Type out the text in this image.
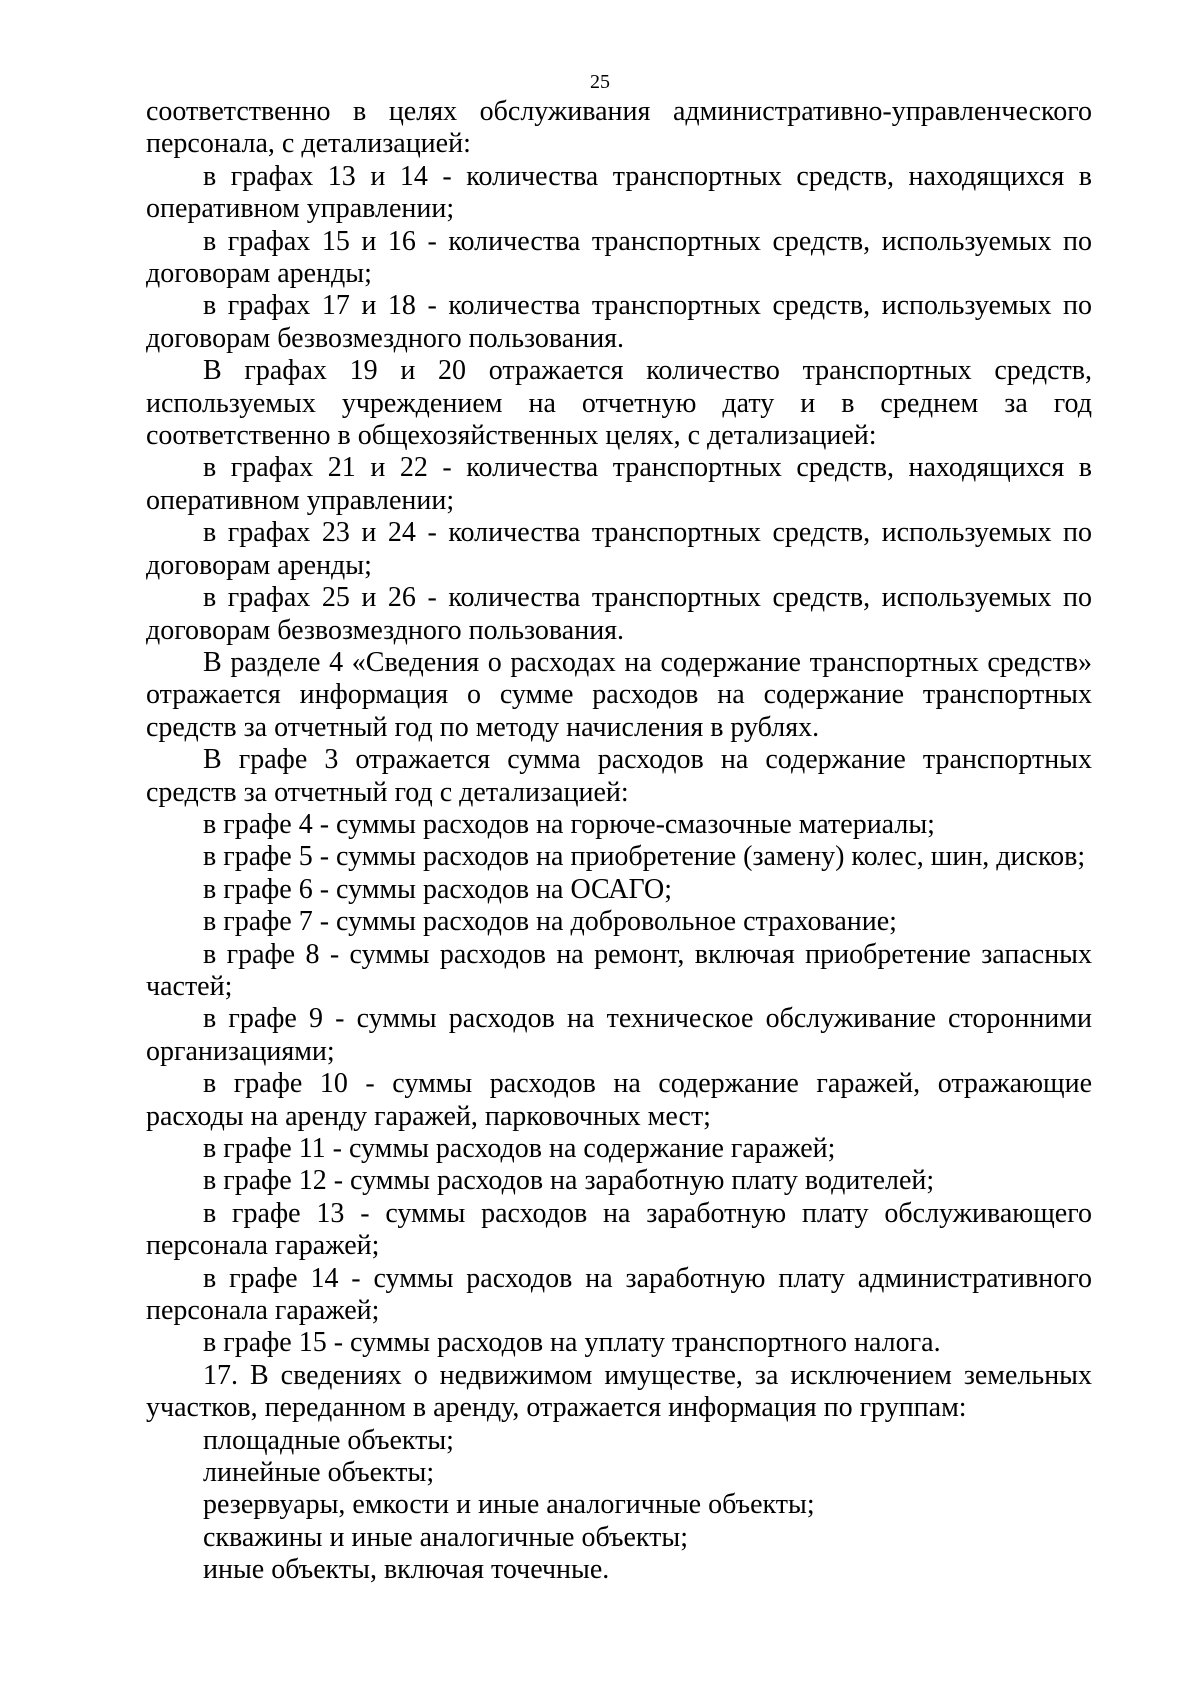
25

соответственно в целях обслуживания административно-управленческого персонала, с детализацией:

в графах 13 и 14 - количества транспортных средств, находящихся в оперативном управлении;

в графах 15 и 16 - количества транспортных средств, используемых по договорам аренды;

в графах 17 и 18 - количества транспортных средств, используемых по договорам безвозмездного пользования.

В графах 19 и 20 отражается количество транспортных средств, используемых учреждением на отчетную дату и в среднем за год соответственно в общехозяйственных целях, с детализацией:

в графах 21 и 22 - количества транспортных средств, находящихся в оперативном управлении;

в графах 23 и 24 - количества транспортных средств, используемых по договорам аренды;

в графах 25 и 26 - количества транспортных средств, используемых по договорам безвозмездного пользования.

В разделе 4 «Сведения о расходах на содержание транспортных средств» отражается информация о сумме расходов на содержание транспортных средств за отчетный год по методу начисления в рублях.

В графе 3 отражается сумма расходов на содержание транспортных средств за отчетный год с детализацией:

в графе 4 - суммы расходов на горюче-смазочные материалы;

в графе 5 - суммы расходов на приобретение (замену) колес, шин, дисков;

в графе 6 - суммы расходов на ОСАГО;

в графе 7 - суммы расходов на добровольное страхование;

в графе 8 - суммы расходов на ремонт, включая приобретение запасных частей;

в графе 9 - суммы расходов на техническое обслуживание сторонними организациями;

в графе 10 - суммы расходов на содержание гаражей, отражающие расходы на аренду гаражей, парковочных мест;

в графе 11 - суммы расходов на содержание гаражей;

в графе 12 - суммы расходов на заработную плату водителей;

в графе 13 - суммы расходов на заработную плату обслуживающего персонала гаражей;

в графе 14 - суммы расходов на заработную плату административного персонала гаражей;

в графе 15 - суммы расходов на уплату транспортного налога.

17. В сведениях о недвижимом имуществе, за исключением земельных участков, переданном в аренду, отражается информация по группам:

площадные объекты;

линейные объекты;

резервуары, емкости и иные аналогичные объекты;

скважины и иные аналогичные объекты;

иные объекты, включая точечные.
